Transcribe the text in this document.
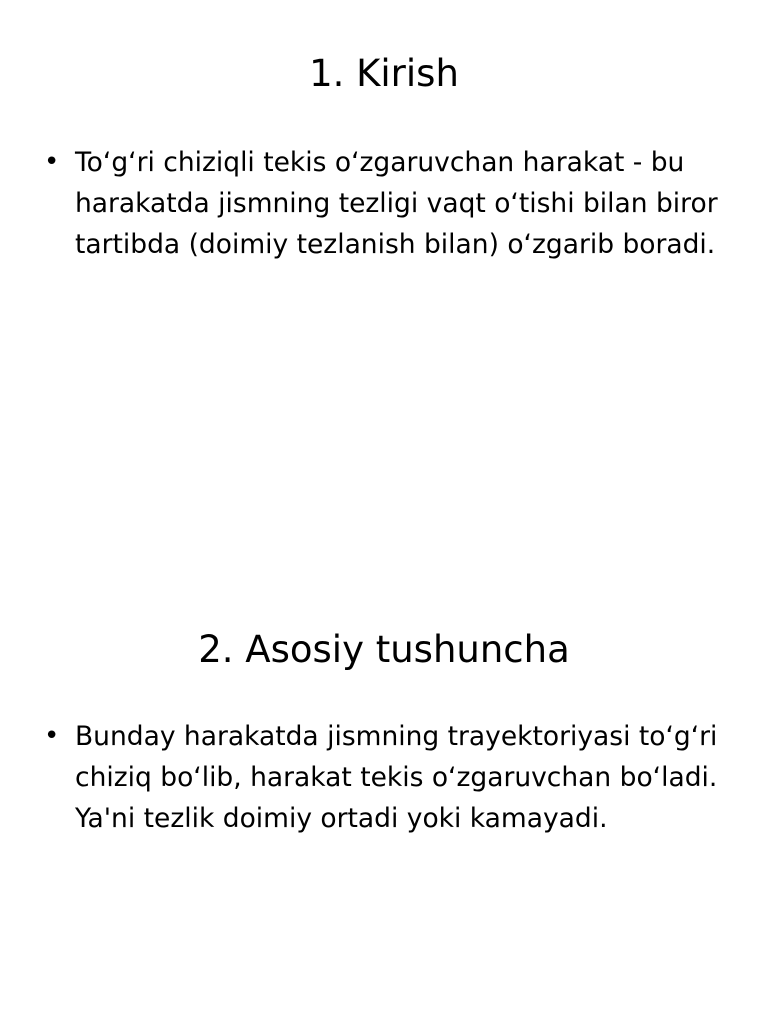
1. Kirish
• To‘g‘ri chiziqli tekis o‘zgaruvchan harakat - bu harakatda jismning tezligi vaqt o‘tishi bilan biror tartibda (doimiy tezlanish bilan) o‘zgarib boradi.
2. Asosiy tushuncha
• Bunday harakatda jismning trayektoriyasi to‘g‘ri chiziq bo‘lib, harakat tekis o‘zgaruvchan bo‘ladi. Ya'ni tezlik doimiy ortadi yoki kamayadi.
